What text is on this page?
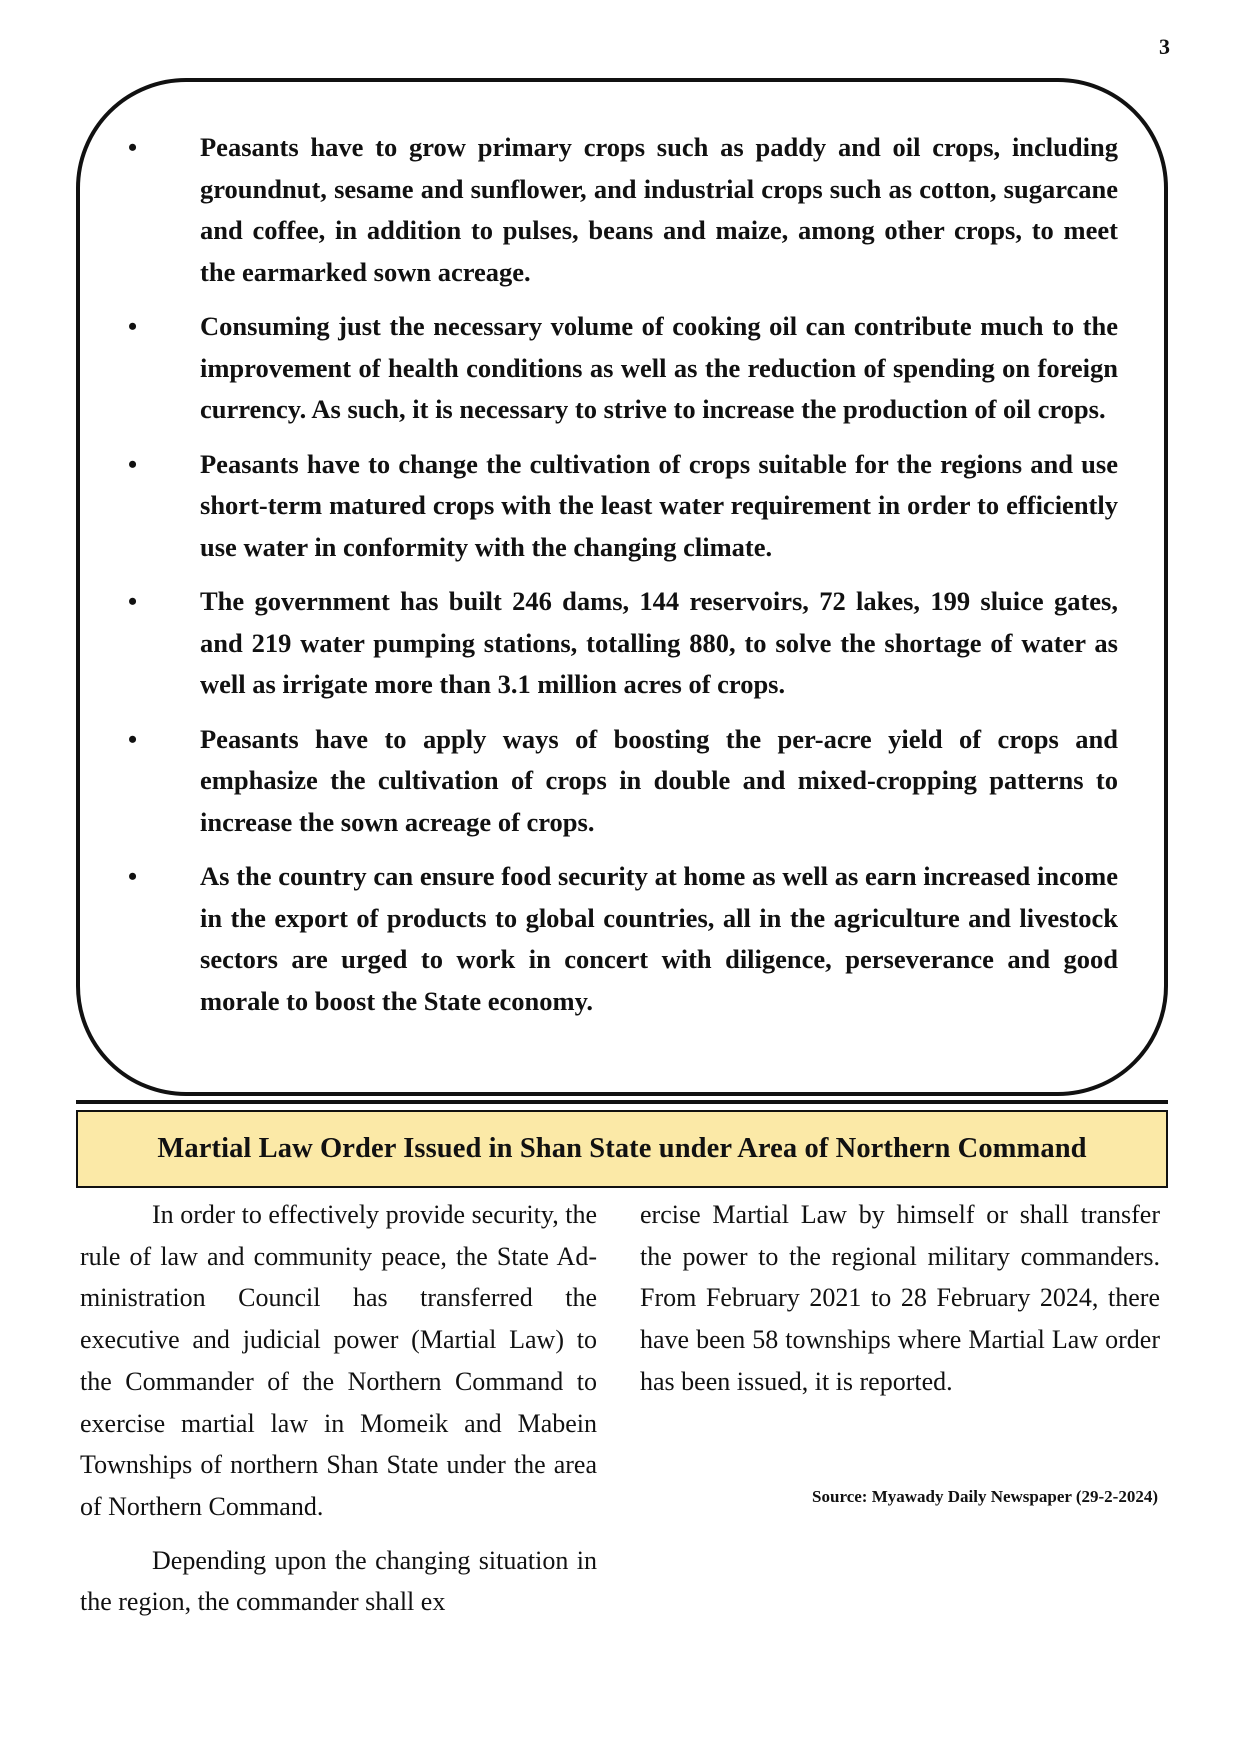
3
• Peasants have to grow primary crops such as paddy and oil crops, including groundnut, sesame and sunflower, and industrial crops such as cotton, sugarcane and coffee, in addition to pulses, beans and maize, among other crops, to meet the earmarked sown acreage.
• Consuming just the necessary volume of cooking oil can contribute much to the improvement of health conditions as well as the reduction of spending on foreign currency. As such, it is necessary to strive to increase the production of oil crops.
• Peasants have to change the cultivation of crops suitable for the regions and use short-term matured crops with the least water requirement in order to efficiently use water in conformity with the changing climate.
• The government has built 246 dams, 144 reservoirs, 72 lakes, 199 sluice gates, and 219 water pumping stations, totalling 880, to solve the shortage of water as well as irrigate more than 3.1 million acres of crops.
• Peasants have to apply ways of boosting the per-acre yield of crops and emphasize the cultivation of crops in double and mixed-cropping patterns to increase the sown acreage of crops.
• As the country can ensure food security at home as well as earn increased income in the export of products to global countries, all in the agriculture and livestock sectors are urged to work in concert with diligence, perseverance and good morale to boost the State economy.
Martial Law Order Issued in Shan State under Area of Northern Command

In order to effectively provide security, the rule of law and community peace, the State Ad-ministration Council has transferred the executive and judicial power (Martial Law) to the Commander of the Northern Command to exercise martial law in Momeik and Mabein Townships of northern Shan State under the area of Northern Command.

Depending upon the changing situation in the region, the commander shall ex

ercise Martial Law by himself or shall transfer the power to the regional military commanders. From February 2021 to 28 February 2024, there have been 58 townships where Martial Law order has been issued, it is reported.

Source: Myawady Daily Newspaper (29-2-2024)
